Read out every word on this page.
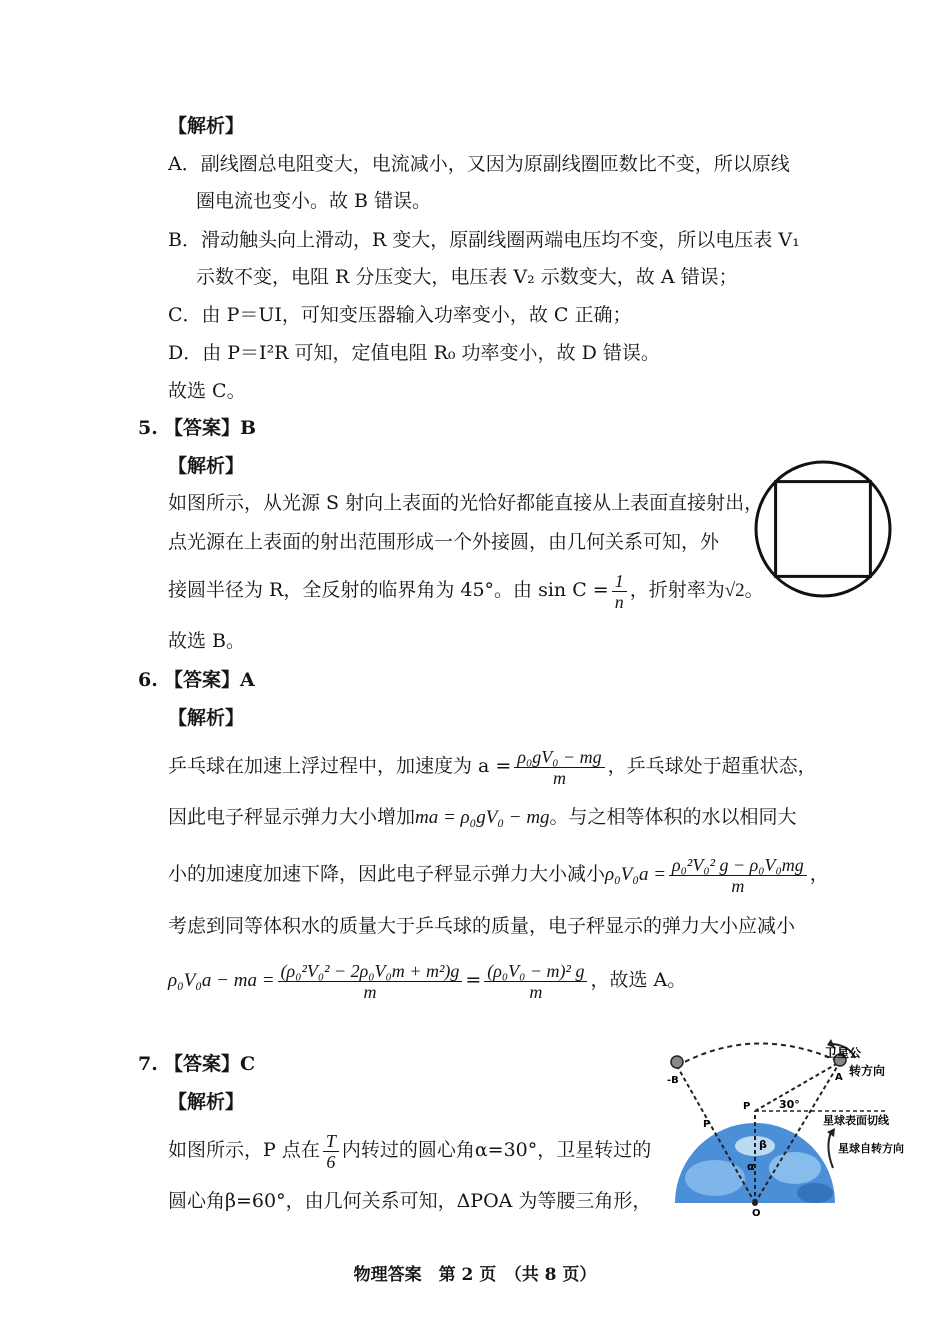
【解析】
A．副线圈总电阻变大，电流减小，又因为原副线圈匝数比不变，所以原线
圈电流也变小。故 B 错误。
B．滑动触头向上滑动，R 变大，原副线圈两端电压均不变，所以电压表 V₁
示数不变，电阻 R 分压变大，电压表 V₂ 示数变大，故 A 错误；
C．由 P＝UI，可知变压器输入功率变小，故 C 正确；
D．由 P＝I²R 可知，定值电阻 R₀ 功率变小，故 D 错误。
故选 C。
5. 【答案】B
【解析】
如图所示，从光源 S 射向上表面的光恰好都能直接从上表面直接射出，
点光源在上表面的射出范围形成一个外接圆，由几何关系可知，外
接圆半径为 R，全反射的临界角为 45°。由 $\sin C = \frac{1}{n}$ ，折射率为√2。
故选 B。
6. 【答案】A
【解析】
乒乓球在加速上浮过程中，加速度为 $a = \frac{\text{ρ₀gV₀ − mg}}{m}$ ，乒乓球处于超重状态，
因此电子秤显示弹力大小增加ma = ρ₀gV₀ − mg。与之相等体积的水以相同大
小的加速度加速下降，因此电子秤显示弹力大小减小$\rho_0V_0a = \frac{\text{ρ₀²V₀² g − ρ₀V₀mg}}{m}$ ，
考虑到同等体积水的质量大于乒乓球的质量，电子秤显示的弹力大小应减小
ρ₀V₀a − ma = $\frac{\text{(ρ₀²V₀² − 2ρ₀V₀m + m²)g}}{m} = \frac{\text{(ρ₀V₀ − m)² g}}{m}$ ，故选 A。
7. 【答案】C
【解析】
如图所示，P 点在 $\frac{T}{6}$ 内转过的圆心角α=30°，卫星转过的
圆心角β=60°，由几何关系可知，ΔPOA 为等腰三角形，
卫星公
转方向
星球表面切线
星球自转方向
-B	A
P
P
O
30°
β
α
物理答案　第 2 页　（共 8 页）
